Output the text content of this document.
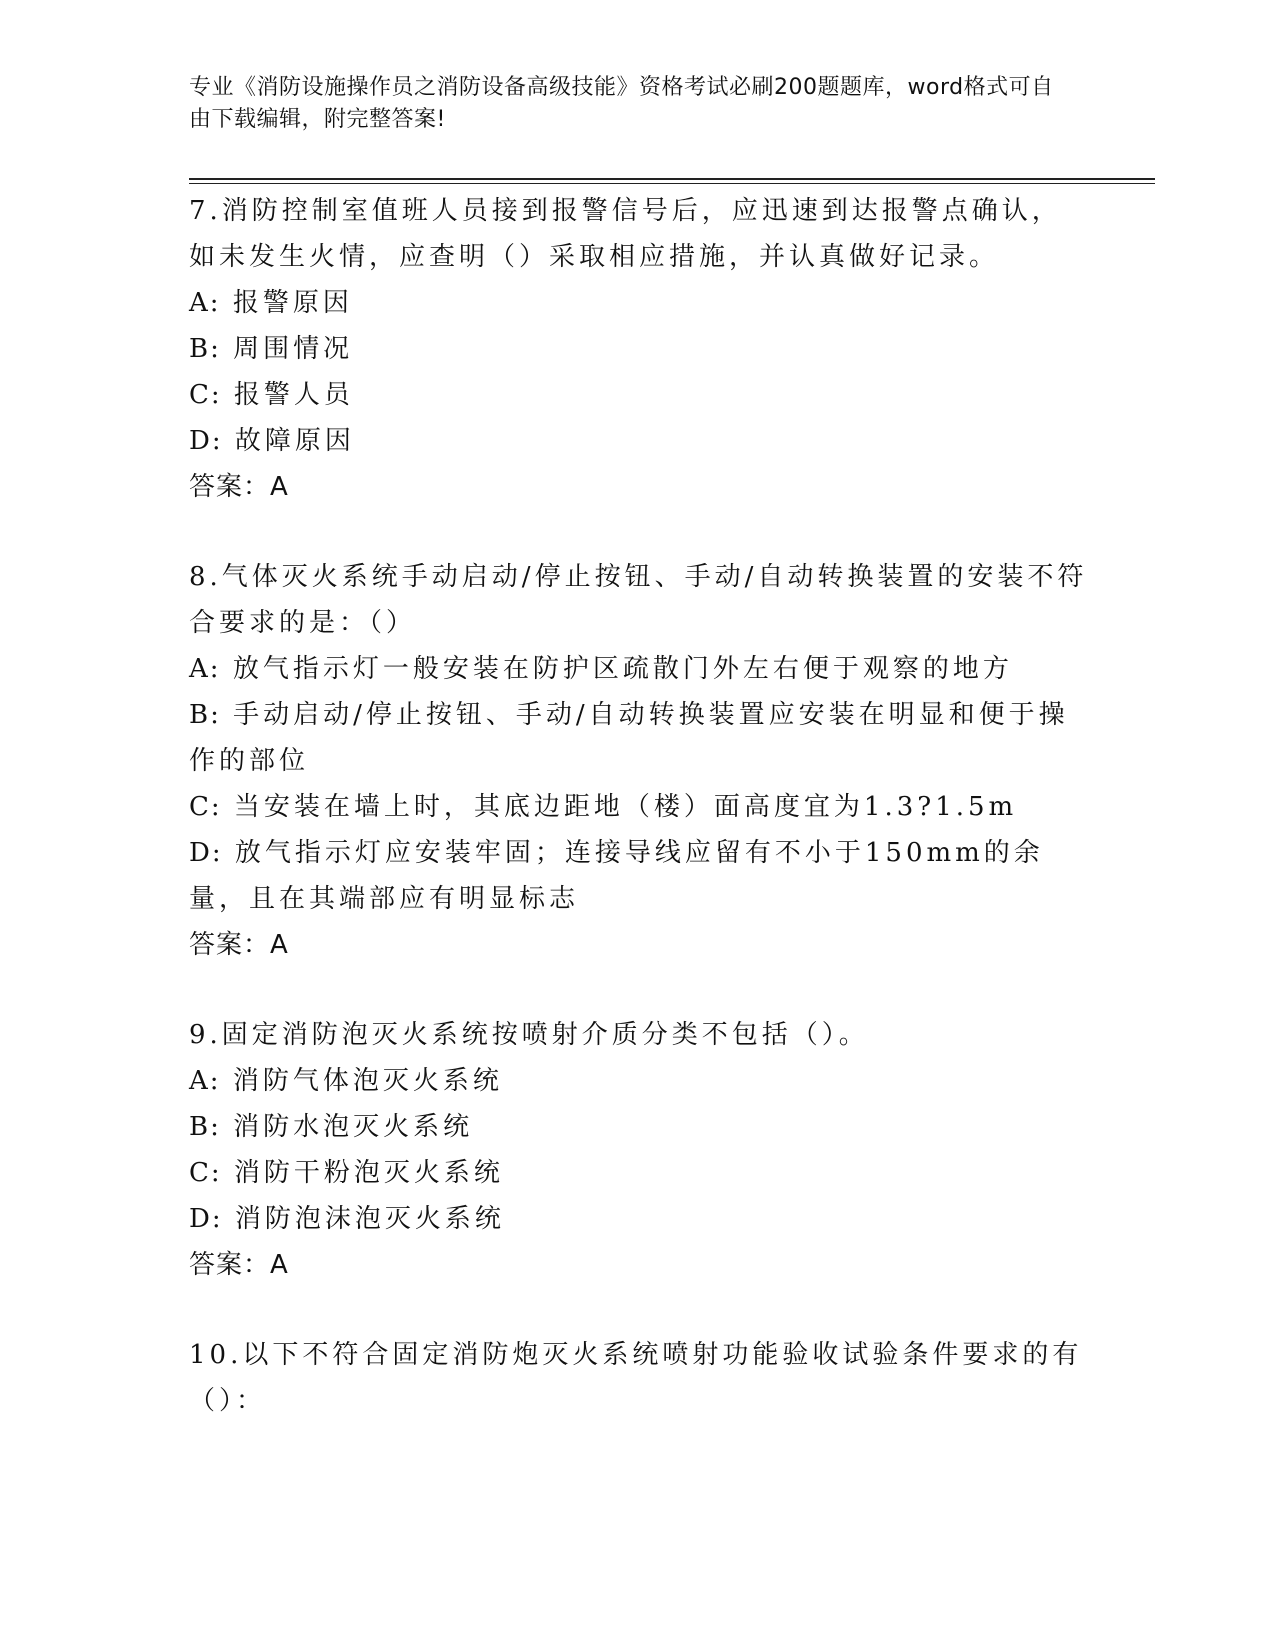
专业《消防设施操作员之消防设备高级技能》资格考试必刷200题题库，word格式可自由下载编辑，附完整答案!

7.消防控制室值班人员接到报警信号后，应迅速到达报警点确认，如未发生火情，应查明（）采取相应措施，并认真做好记录。

A: 报警原因

B: 周围情况

C: 报警人员

D: 故障原因

答案：A

8.气体灭火系统手动启动/停止按钮、手动/自动转换装置的安装不符合要求的是：（）

A: 放气指示灯一般安装在防护区疏散门外左右便于观察的地方

B: 手动启动/停止按钮、手动/自动转换装置应安装在明显和便于操作的部位

C: 当安装在墙上时，其底边距地（楼）面高度宜为1.3?1.5m

D: 放气指示灯应安装牢固；连接导线应留有不小于150mm的余量，且在其端部应有明显标志

答案：A

9.固定消防泡灭火系统按喷射介质分类不包括（）。

A: 消防气体泡灭火系统

B: 消防水泡灭火系统

C: 消防干粉泡灭火系统

D: 消防泡沫泡灭火系统

答案：A

10.以下不符合固定消防炮灭火系统喷射功能验收试验条件要求的有（）：
